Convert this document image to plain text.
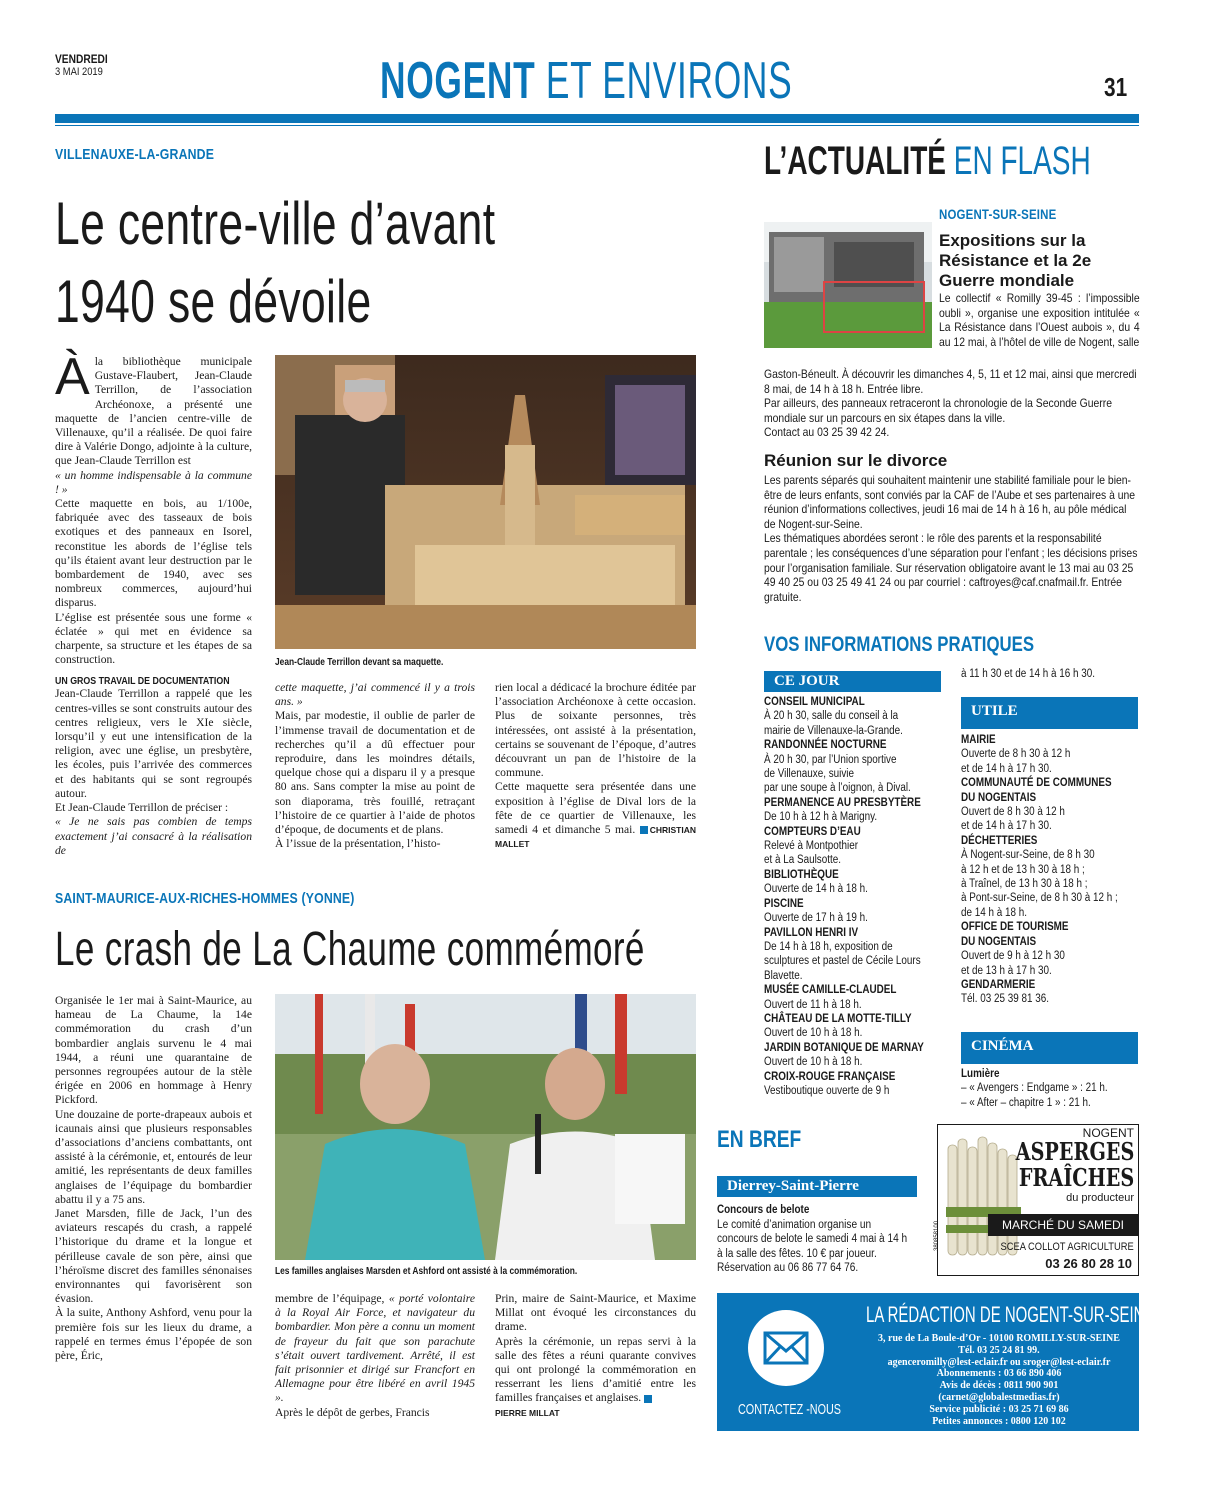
VENDREDI
3 MAI 2019	NOGENT ET ENVIRONS	31
VILLENAUXE-LA-GRANDE
Le centre-ville d’avant
1940 se dévoile
À la bibliothèque municipale Gustave-Flaubert, Jean-Claude Terrillon, de l’association Archéonoxe, a présenté une maquette de l’ancien centre-ville de Villenauxe, qu’il a réalisée. De quoi faire dire à Valérie Dongo, adjointe à la culture, que Jean-Claude Terrillon est

« un homme indispensable à la commune ! »

Cette maquette en bois, au 1/100e, fabriquée avec des tasseaux de bois exotiques et des panneaux en Isorel, reconstitue les abords de l’église tels qu’ils étaient avant leur destruction par le bombardement de 1940, avec ses nombreux commerces, aujourd’hui disparus.

L’église est présentée sous une forme « éclatée » qui met en évidence sa charpente, sa structure et les étapes de sa construction.

UN GROS TRAVAIL DE DOCUMENTATION

Jean-Claude Terrillon a rappelé que les centres-villes se sont construits autour des centres religieux, vers le XIe siècle, lorsqu’il y eut une intensification de la religion, avec une église, un presbytère, les écoles, puis l’arrivée des commerces et des habitants qui se sont regroupés autour.

Et Jean-Claude Terrillon de préciser :

« Je ne sais pas combien de temps exactement j’ai consacré à la réalisation de

Jean-Claude Terrillon devant sa maquette.

cette maquette, j’ai commencé il y a trois ans. »

Mais, par modestie, il oublie de parler de l’immense travail de documentation et de recherches qu’il a dû effectuer pour reproduire, dans les moindres détails, quelque chose qui a disparu il y a presque 80 ans. Sans compter la mise au point de son diaporama, très fouillé, retraçant l’histoire de ce quartier à l’aide de photos d’époque, de documents et de plans.

À l’issue de la présentation, l’histo-

rien local a dédicacé la brochure éditée par l’association Archéonoxe à cette occasion. Plus de soixante personnes, très intéressées, ont assisté à la présentation, certains se souvenant de l’époque, d’autres découvrant un pan de l’histoire de la commune.

Cette maquette sera présentée dans une exposition à l’église de Dival lors de la fête de ce quartier de Villenauxe, les samedi 4 et dimanche 5 mai. CHRISTIAN MALLET

SAINT-MAURICE-AUX-RICHES-HOMMES (YONNE)
Le crash de La Chaume commémoré

Organisée le 1er mai à Saint-Maurice, au hameau de La Chaume, la 14e commémoration du crash d’un bombardier anglais survenu le 4 mai 1944, a réuni une quarantaine de personnes regroupées autour de la stèle érigée en 2006 en hommage à Henry Pickford.

Une douzaine de porte-drapeaux aubois et icaunais ainsi que plusieurs responsables d’associations d’anciens combattants, ont assisté à la cérémonie, et, entourés de leur amitié, les représentants de deux familles anglaises de l’équipage du bombardier abattu il y a 75 ans.

Janet Marsden, fille de Jack, l’un des aviateurs rescapés du crash, a rappelé l’historique du drame et la longue et périlleuse cavale de son père, ainsi que l’héroïsme discret des familles sénonaises environnantes qui favorisèrent son évasion.

À la suite, Anthony Ashford, venu pour la première fois sur les lieux du drame, a rappelé en termes émus l’épopée de son père, Éric,

Les familles anglaises Marsden et Ashford ont assisté à la commémoration.

membre de l’équipage, « porté volontaire à la Royal Air Force, et navigateur du bombardier. Mon père a connu un moment de frayeur du fait que son parachute s’était ouvert tardivement. Arrêté, il est fait prisonnier et dirigé sur Francfort en Allemagne pour être libéré en avril 1945 ».

Après le dépôt de gerbes, Francis

Prin, maire de Saint-Maurice, et Maxime Millat ont évoqué les circonstances du drame.

Après la cérémonie, un repas servi à la salle des fêtes a réuni quarante convives qui ont prolongé la commémoration en resserrant les liens d’amitié entre les familles françaises et anglaises.

PIERRE MILLAT

L’ACTUALITÉ EN FLASH
NOGENT-SUR-SEINE
Expositions sur la Résistance et la 2e Guerre mondiale
Le collectif « Romilly 39-45 : l’impossible oubli », organise une exposition intitulée « La Résistance dans l’Ouest aubois », du 4 au 12 mai, à l’hôtel de ville de Nogent, salle

Gaston-Béneult. À découvrir les dimanches 4, 5, 11 et 12 mai, ainsi que mercredi 8 mai, de 14 h à 18 h. Entrée libre.

Par ailleurs, des panneaux retraceront la chronologie de la Seconde Guerre mondiale sur un parcours en six étapes dans la ville.

Contact au 03 25 39 42 24.

Réunion sur le divorce

Les parents séparés qui souhaitent maintenir une stabilité familiale pour le bien-être de leurs enfants, sont conviés par la CAF de l’Aube et ses partenaires à une réunion d’informations collectives, jeudi 16 mai de 14 h à 16 h, au pôle médical de Nogent-sur-Seine.

Les thématiques abordées seront : le rôle des parents et la responsabilité parentale ; les conséquences d’une séparation pour l’enfant ; les décisions prises pour l’organisation familiale. Sur réservation obligatoire avant le 13 mai au 03 25 49 40 25 ou 03 25 49 41 24 ou par courriel : caftroyes@caf.cnafmail.fr. Entrée gratuite.

VOS INFORMATIONS PRATIQUES
CE JOUR
CONSEIL MUNICIPAL
À 20 h 30, salle du conseil à la
mairie de Villenauxe-la-Grande.
RANDONNÉE NOCTURNE
À 20 h 30, par l’Union sportive
de Villenauxe, suivie
par une soupe à l’oignon, à Dival.
PERMANENCE AU PRESBYTÈRE
De 10 h à 12 h à Marigny.
COMPTEURS D’EAU
Relevé à Montpothier
et à La Saulsotte.
BIBLIOTHÈQUE
Ouverte de 14 h à 18 h.
PISCINE
Ouverte de 17 h à 19 h.
PAVILLON HENRI IV
De 14 h à 18 h, exposition de
sculptures et pastel de Cécile Lours
Blavette.
MUSÉE CAMILLE-CLAUDEL
Ouvert de 11 h à 18 h.
CHÂTEAU DE LA MOTTE-TILLY
Ouvert de 10 h à 18 h.
JARDIN BOTANIQUE DE MARNAY
Ouvert de 10 h à 18 h.
CROIX-ROUGE FRANÇAISE
Vestiboutique ouverte de 9 h
à 11 h 30 et de 14 h à 16 h 30.
UTILE
MAIRIE
Ouverte de 8 h 30 à 12 h
et de 14 h à 17 h 30.
COMMUNAUTÉ DE COMMUNES
DU NOGENTAIS
Ouvert de 8 h 30 à 12 h
et de 14 h à 17 h 30.
DÉCHETTERIES
À Nogent-sur-Seine, de 8 h 30
à 12 h et de 13 h 30 à 18 h ;
à Traînel, de 13 h 30 à 18 h ;
à Pont-sur-Seine, de 8 h 30 à 12 h ;
de 14 h à 18 h.
OFFICE DE TOURISME
DU NOGENTAIS
Ouvert de 9 h à 12 h 30
et de 13 h à 17 h 30.
GENDARMERIE
Tél. 03 25 39 81 36.
CINÉMA
Lumière
– « Avengers : Endgame » : 21 h.
– « After – chapitre 1 » : 21 h.
EN BREF
Dierrey-Saint-Pierre
Concours de belote
Le comité d’animation organise un concours de belote le samedi 4 mai à 14 h à la salle des fêtes. 10 € par joueur. Réservation au 06 86 77 64 76.
NOGENT
ASPERGES
FRAÎCHES
du producteur
MARCHÉ DU SAMEDI
SCEA COLLOT AGRICULTURE
03 26 80 28 10
380858100
CONTACTEZ -NOUS
LA RÉDACTION DE NOGENT-SUR-SEINE
3, rue de La Boule-d’Or - 10100 ROMILLY-SUR-SEINE
Tél. 03 25 24 81 99.
agenceromilly@lest-eclair.fr ou sroger@lest-eclair.fr
Abonnements : 03 66 890 406
Avis de décès : 0811 900 901
(carnet@globalestmedias.fr)
Service publicité : 03 25 71 69 86
Petites annonces : 0800 120 102
